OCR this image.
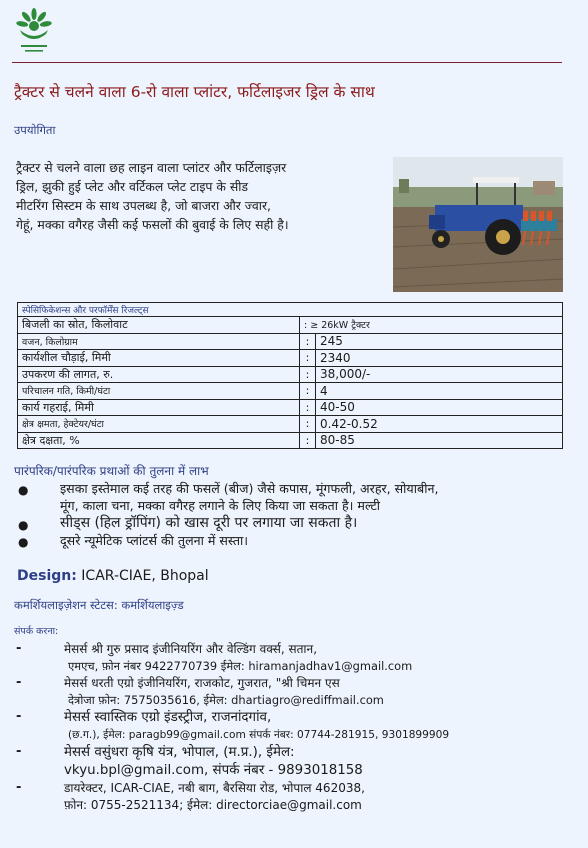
ट्रैक्टर से चलने वाला 6-रो वाला प्लांटर, फर्टिलाइजर ड्रिल के साथ
उपयोगिता
ट्रैक्टर से चलने वाला छह लाइन वाला प्लांटर और फर्टिलाइज़र
ड्रिल, झुकी हुई प्लेट और वर्टिकल प्लेट टाइप के सीड
मीटरिंग सिस्टम के साथ उपलब्ध है, जो बाजरा और ज्वार,
गेहूं, मक्का वगैरह जैसी कई फसलों की बुवाई के लिए सही है।
स्पेसिफिकेशन्स और परफॉर्मेंस रिजल्ट्स		
बिजली का स्रोत, किलोवाट	: ≥ 26kW ट्रैक्टर	
वजन, किलोग्राम	:	245
कार्यशील चौड़ाई, मिमी	:	2340
उपकरण की लागत, रु.	:	38,000/-
परिचालन गति, किमी/घंटा	:	4
कार्य गहराई, मिमी	:	40-50
क्षेत्र क्षमता, हेक्टेयर/घंटा	:	0.42-0.52
क्षेत्र दक्षता, %	:	80-85
पारंपरिक/पारंपरिक प्रथाओं की तुलना में लाभ
●	इसका इस्तेमाल कई तरह की फसलें (बीज) जैसे कपास, मूंगफली, अरहर, सोयाबीन,
मूंग, काला चना, मक्का वगैरह लगाने के लिए किया जा सकता है। मल्टी
● सीड्स (हिल ड्रॉपिंग) को खास दूरी पर लगाया जा सकता है।
●	दूसरे न्यूमेटिक प्लांटर्स की तुलना में सस्ता।
Design: ICAR-CIAE, Bhopal
कमर्शियलाइज़ेशन स्टेटस: कमर्शियलाइज़्ड
संपर्क करना:
-	मेसर्स श्री गुरु प्रसाद इंजीनियरिंग और वेल्डिंग वर्क्स, सतान,
एमएच, फ़ोन नंबर 9422770739 ईमेल: hiramanjadhav1@gmail.com
-	मेसर्स धरती एग्रो इंजीनियरिंग, राजकोट, गुजरात, "श्री चिमन एस
देत्रोजा फ़ोन: 7575035616, ईमेल: dhartiagro@rediffmail.com
-	मेसर्स स्वास्तिक एग्रो इंडस्ट्रीज, राजनांदगांव,
(छ.ग.), ईमेल: paragb99@gmail.com संपर्क नंबर: 07744-281915, 9301899909
-	मेसर्स वसुंधरा कृषि यंत्र, भोपाल, (म.प्र.), ईमेल:
vkyu.bpl@gmail.com, संपर्क नंबर - 9893018158
-	डायरेक्टर, ICAR-CIAE, नबी बाग, बैरसिया रोड, भोपाल 462038,
फ़ोन: 0755-2521134; ईमेल: directorciae@gmail.com
